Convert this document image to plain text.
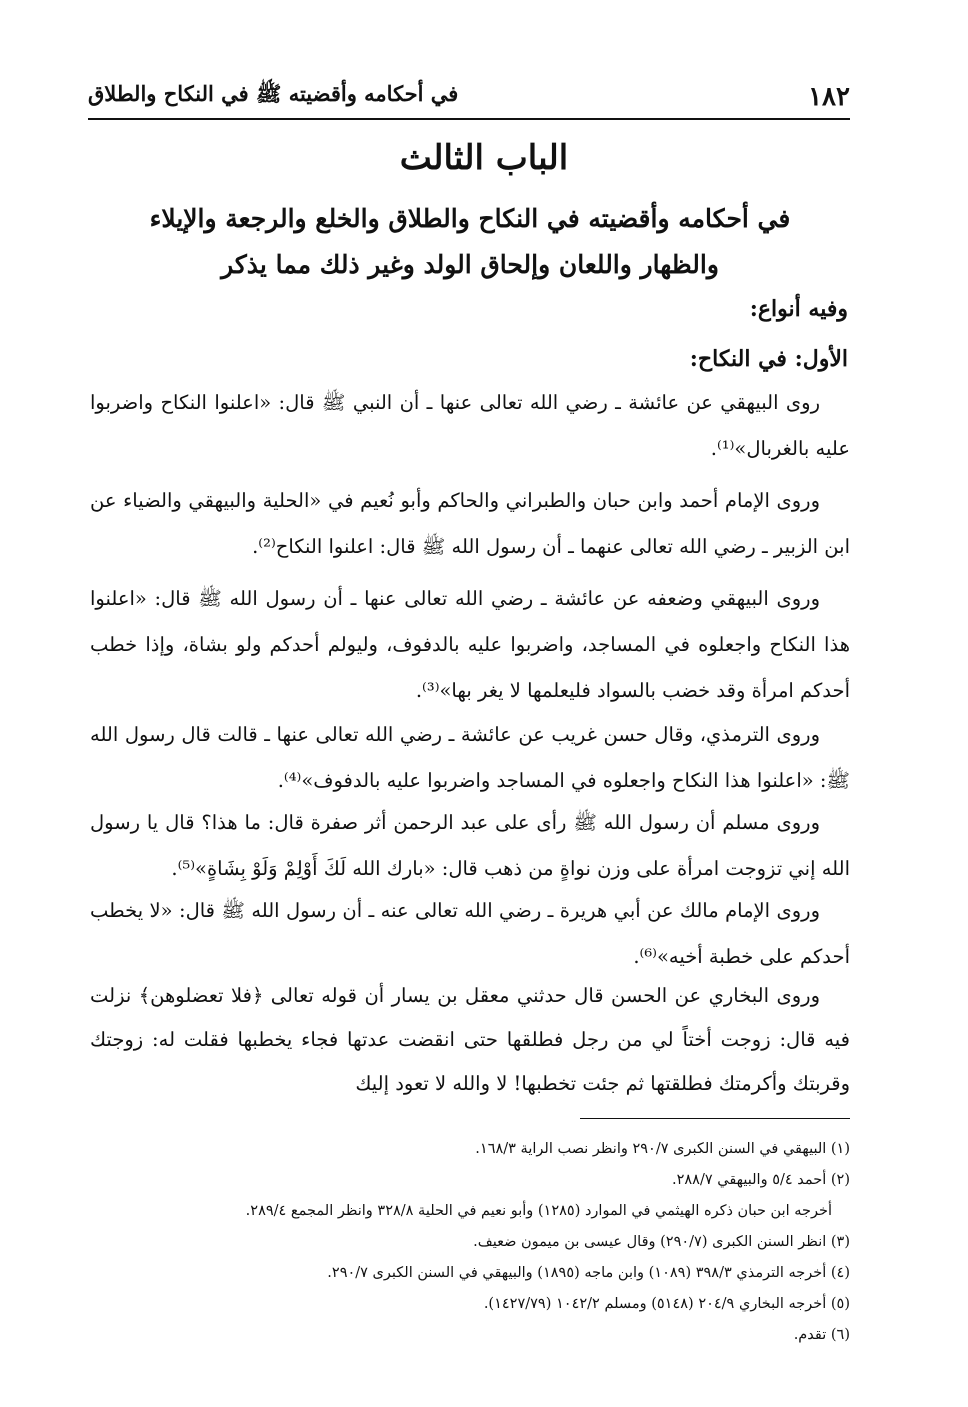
١٨٢
في أحكامه وأقضيته ﷺ في النكاح والطلاق
الباب الثالث
في أحكامه وأقضيته في النكاح والطلاق والخلع والرجعة والإيلاء
والظهار واللعان وإلحاق الولد وغير ذلك مما يذكر
وفيه أنواع:
الأول: في النكاح:

روى البيهقي عن عائشة ـ رضي الله تعالى عنها ـ أن النبي ﷺ قال: «اعلنوا النكاح واضربوا عليه بالغربال»⁽¹⁾.

وروى الإمام أحمد وابن حبان والطبراني والحاكم وأبو نُعيم في «الحلية والبيهقي والضياء عن ابن الزبير ـ رضي الله تعالى عنهما ـ أن رسول الله ﷺ قال: اعلنوا النكاح⁽²⁾.

وروى البيهقي وضعفه عن عائشة ـ رضي الله تعالى عنها ـ أن رسول الله ﷺ قال: «اعلنوا هذا النكاح واجعلوه في المساجد، واضربوا عليه بالدفوف، وليولم أحدكم ولو بشاة، وإذا خطب أحدكم امرأة وقد خضب بالسواد فليعلمها لا يغر بها»⁽³⁾.

وروى الترمذي، وقال حسن غريب عن عائشة ـ رضي الله تعالى عنها ـ قالت قال رسول الله ﷺ: «اعلنوا هذا النكاح واجعلوه في المساجد واضربوا عليه بالدفوف»⁽⁴⁾.

وروى مسلم أن رسول الله ﷺ رأى على عبد الرحمن أثر صفرة قال: ما هذا؟ قال يا رسول الله إني تزوجت امرأة على وزن نواةٍ من ذهب قال: «بارك الله لَكَ أَوْلِمْ وَلَوْ بِشَاةٍ»⁽⁵⁾.

وروى الإمام مالك عن أبي هريرة ـ رضي الله تعالى عنه ـ أن رسول الله ﷺ قال: «لا يخطب أحدكم على خطبة أخيه»⁽⁶⁾.

وروى البخاري عن الحسن قال حدثني معقل بن يسار أن قوله تعالى ﴿فلا تعضلوهن﴾ نزلت فيه قال: زوجت أختاً لي من رجل فطلقها حتى انقضت عدتها فجاء يخطبها فقلت له: زوجتك وقربتك وأكرمتك فطلقتها ثم جئت تخطبها! لا والله لا تعود إليك

(١) البيهقي في السنن الكبرى ٢٩٠/٧ وانظر نصب الراية ١٦٨/٣.
(٢) أحمد ٥/٤ والبيهقي ٢٨٨/٧.
أخرجه ابن حبان ذكره الهيثمي في الموارد (١٢٨٥) وأبو نعيم في الحلية ٣٢٨/٨ وانظر المجمع ٢٨٩/٤.
(٣) انظر السنن الكبرى (٢٩٠/٧) وقال عيسى بن ميمون ضعيف.
(٤) أخرجه الترمذي ٣٩٨/٣ (١٠٨٩) وابن ماجه (١٨٩٥) والبيهقي في السنن الكبرى ٢٩٠/٧.
(٥) أخرجه البخاري ٢٠٤/٩ (٥١٤٨) ومسلم ١٠٤٢/٢ (١٤٢٧/٧٩).
(٦) تقدم.
